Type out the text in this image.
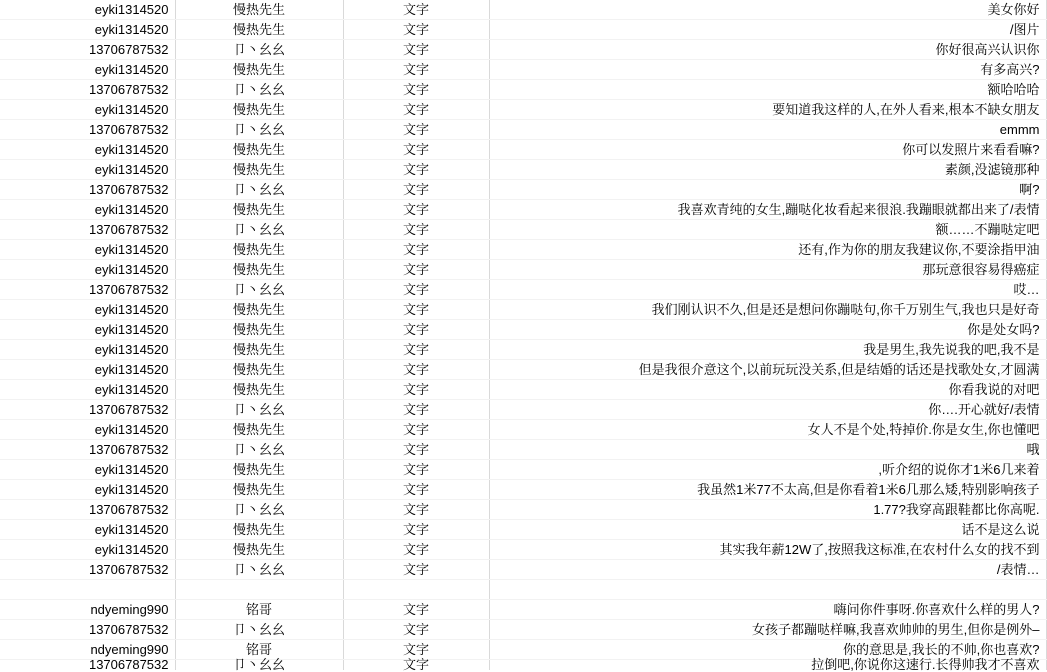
eyki1314520	慢热先生	文字	美女你好
eyki1314520	慢热先生	文字	/图片
13706787532	卩丶幺幺	文字	你好很高兴认识你
eyki1314520	慢热先生	文字	有多高兴?
13706787532	卩丶幺幺	文字	额哈哈哈
eyki1314520	慢热先生	文字	要知道我这样的人,在外人看来,根本不缺女朋友
13706787532	卩丶幺幺	文字	emmm
eyki1314520	慢热先生	文字	你可以发照片来看看嘛?
eyki1314520	慢热先生	文字	素颜,没滤镜那种
13706787532	卩丶幺幺	文字	啊?
eyki1314520	慢热先生	文字	我喜欢青纯的女生,蹦哒化妆看起来很浪.我蹦眼就都出来了/表情
13706787532	卩丶幺幺	文字	额……不蹦哒定吧
eyki1314520	慢热先生	文字	还有,作为你的朋友我建议你,不要涂指甲油
eyki1314520	慢热先生	文字	那玩意很容易得癌症
13706787532	卩丶幺幺	文字	哎…
eyki1314520	慢热先生	文字	我们刚认识不久,但是还是想问你蹦哒句,你千万别生气,我也只是好奇
eyki1314520	慢热先生	文字	你是处女吗?
eyki1314520	慢热先生	文字	我是男生,我先说我的吧,我不是
eyki1314520	慢热先生	文字	但是我很介意这个,以前玩玩没关系,但是结婚的话还是找歌处女,才圆满
eyki1314520	慢热先生	文字	你看我说的对吧
13706787532	卩丶幺幺	文字	你….开心就好/表情
eyki1314520	慢热先生	文字	女人不是个处,特掉价.你是女生,你也懂吧
13706787532	卩丶幺幺	文字	哦
eyki1314520	慢热先生	文字	,听介绍的说你才1米6几来着
eyki1314520	慢热先生	文字	我虽然1米77不太高,但是你看着1米6几那么矮,特别影响孩子
13706787532	卩丶幺幺	文字	1.77?我穿高跟鞋都比你高呢.
eyki1314520	慢热先生	文字	话不是这么说
eyki1314520	慢热先生	文字	其实我年薪12W了,按照我这标准,在农村什么女的找不到
13706787532	卩丶幺幺	文字	/表情…

ndyeming990	铭哥	文字	嗨问你件事呀.你喜欢什么样的男人?
13706787532	卩丶幺幺	文字	女孩子都蹦哒样嘛,我喜欢帅帅的男生,但你是例外–
ndyeming990	铭哥	文字	你的意思是,我长的不帅,你也喜欢?
13706787532	卩丶幺幺	文字	拉倒吧,你说你这速行.长得帅我才不喜欢
